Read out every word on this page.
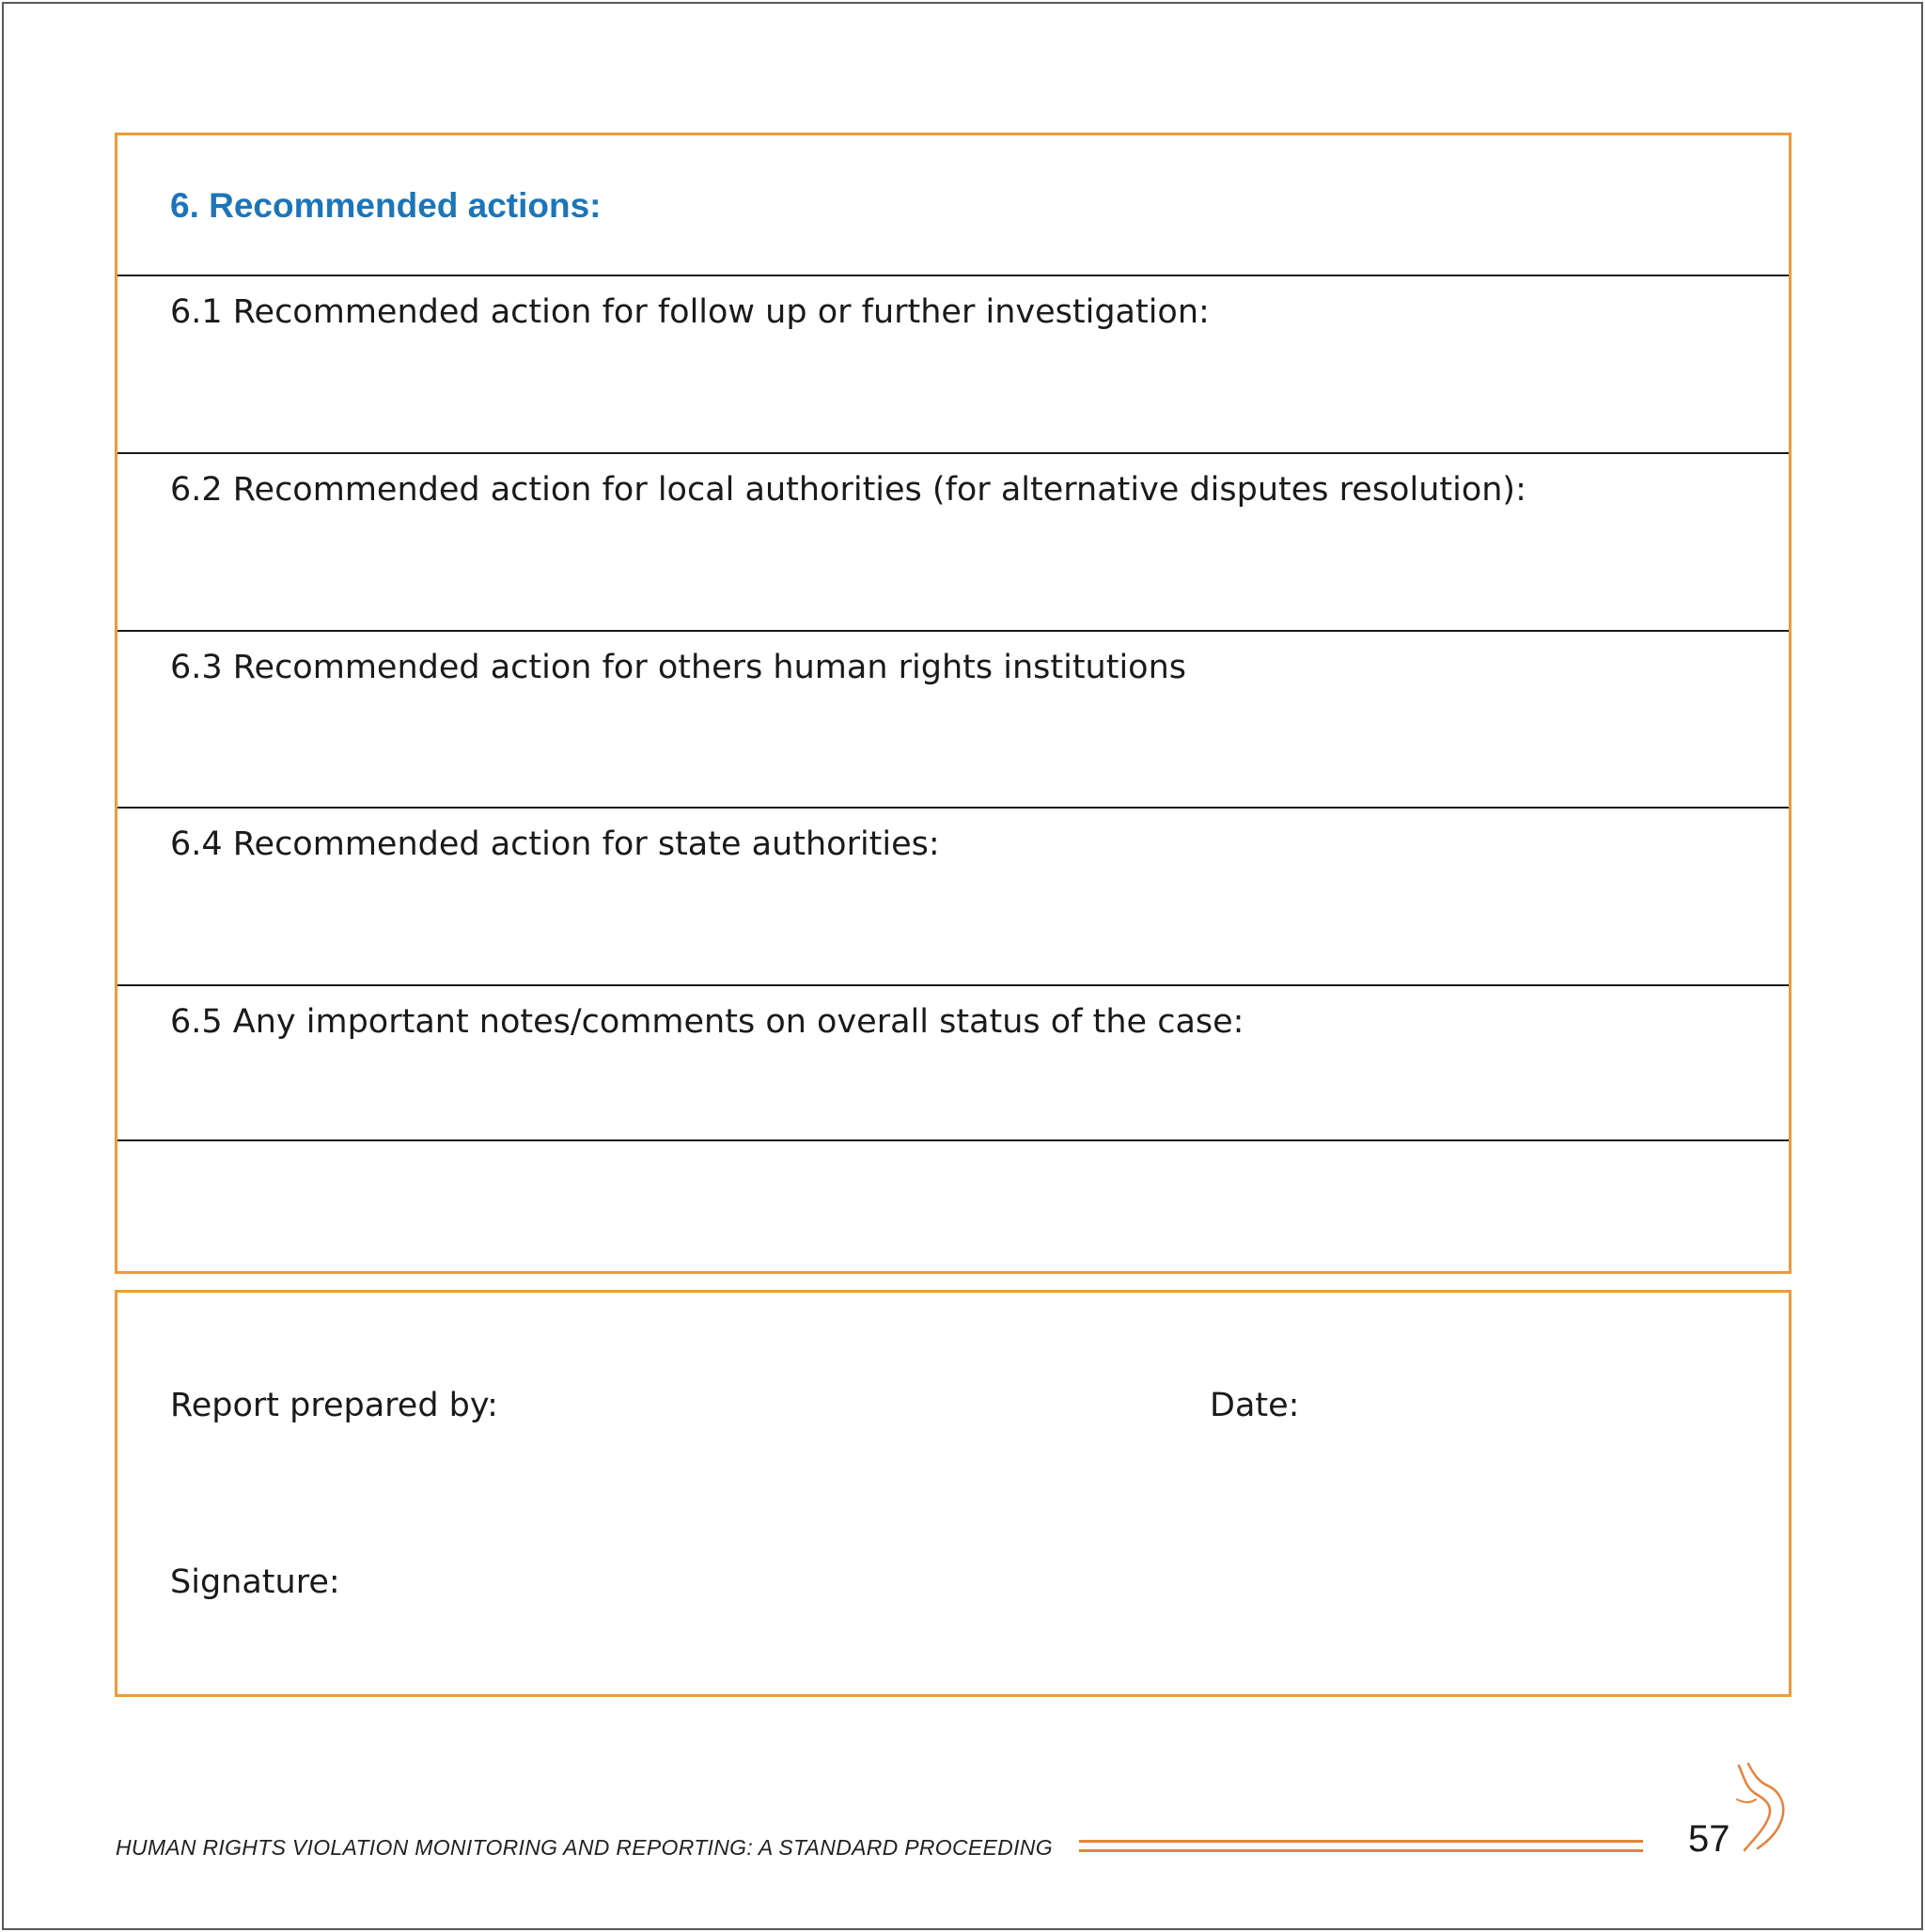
6. Recommended actions:

6.1 Recommended action for follow up or further investigation:

6.2 Recommended action for local authorities (for alternative disputes resolution):

6.3 Recommended action for others human rights institutions

6.4 Recommended action for state authorities:

6.5 Any important notes/comments on overall status of the case:

Report prepared by:	Date:

Signature:

HUMAN RIGHTS VIOLATION MONITORING AND REPORTING: A STANDARD PROCEEDING	57
